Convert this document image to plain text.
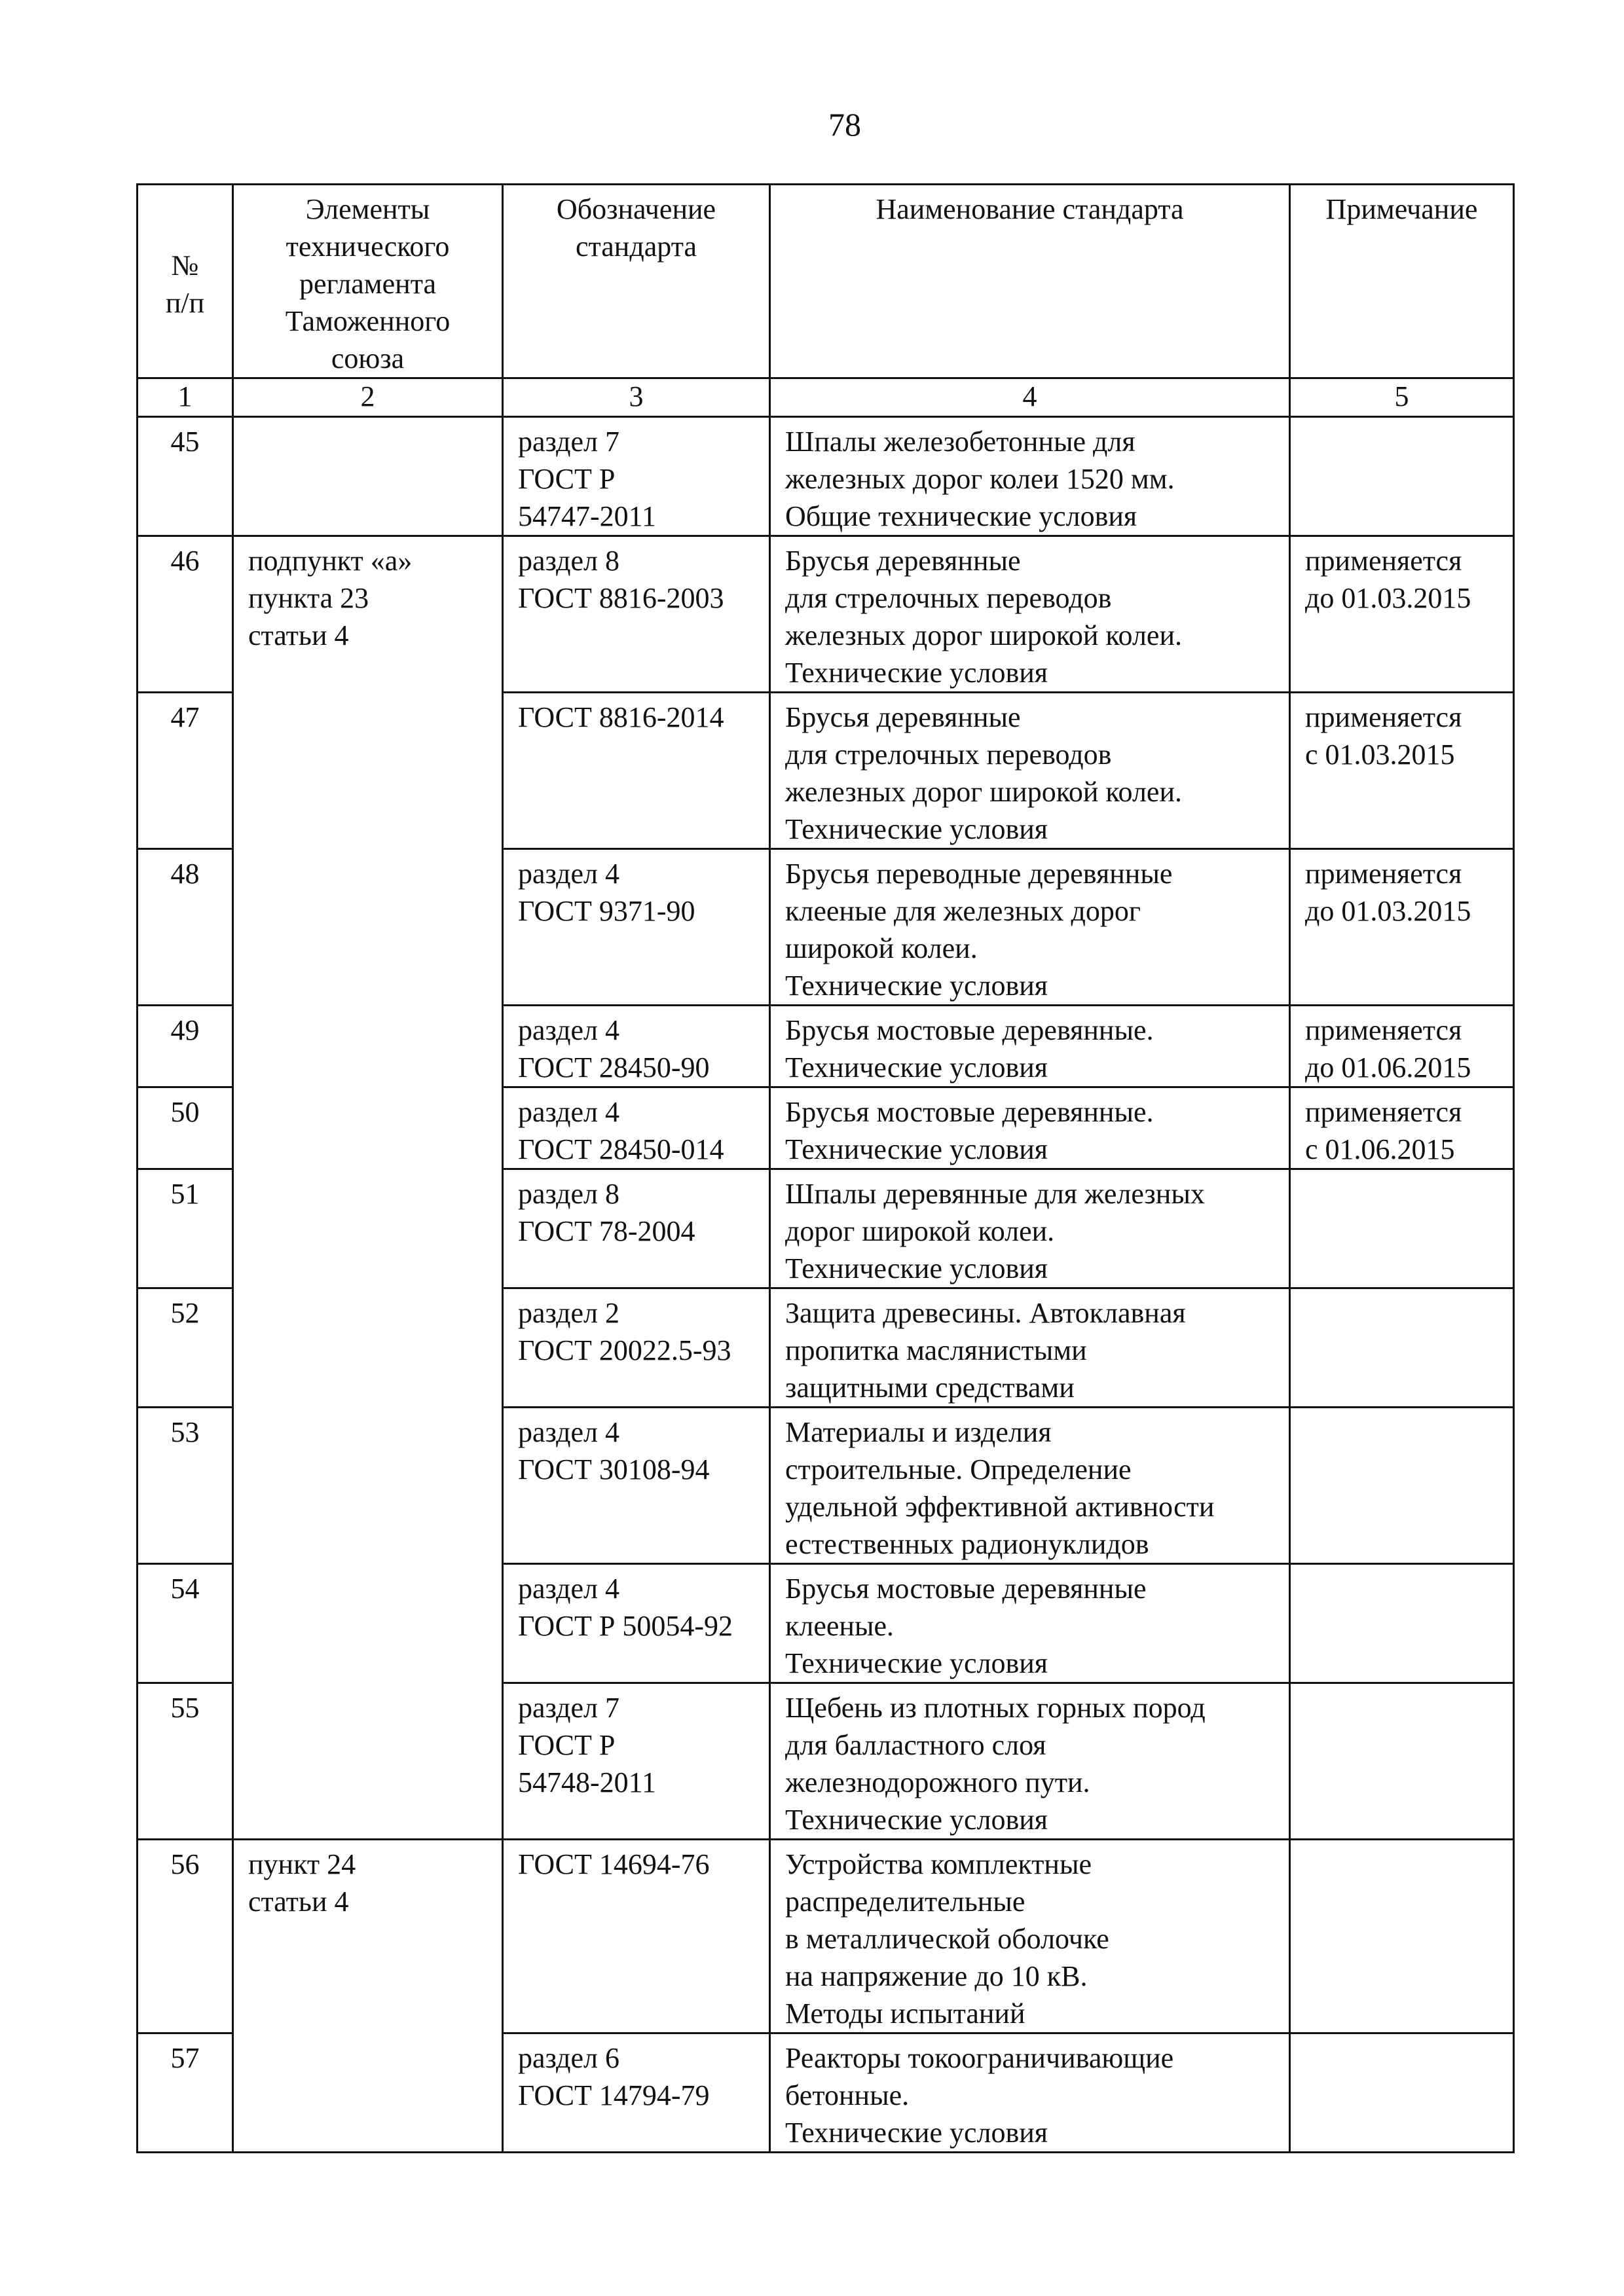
78
№
п/п	Элементы
технического
регламента
Таможенного
союза	Обозначение
стандарта	Наименование стандарта	Примечание
1	2	3	4	5
45		раздел 7
ГОСТ Р
54747-2011	Шпалы железобетонные для
железных дорог колеи 1520 мм.
Общие технические условия	
46	подпункт «а»
пункта 23
статьи 4	раздел 8
ГОСТ 8816-2003	Брусья деревянные
для стрелочных переводов
железных дорог широкой колеи.
Технические условия	применяется
до 01.03.2015
47		ГОСТ 8816-2014	Брусья деревянные
для стрелочных переводов
железных дорог широкой колеи.
Технические условия	применяется
с 01.03.2015
48		раздел 4
ГОСТ 9371-90	Брусья переводные деревянные
клееные для железных дорог
широкой колеи.
Технические условия	применяется
до 01.03.2015
49		раздел 4
ГОСТ 28450-90	Брусья мостовые деревянные.
Технические условия	применяется
до 01.06.2015
50		раздел 4
ГОСТ 28450-014	Брусья мостовые деревянные.
Технические условия	применяется
с 01.06.2015
51		раздел 8
ГОСТ 78-2004	Шпалы деревянные для железных
дорог широкой колеи.
Технические условия	
52		раздел 2
ГОСТ 20022.5-93	Защита древесины. Автоклавная
пропитка маслянистыми
защитными средствами	
53		раздел 4
ГОСТ 30108-94	Материалы и изделия
строительные. Определение
удельной эффективной активности
естественных радионуклидов	
54		раздел 4
ГОСТ Р 50054-92	Брусья мостовые деревянные
клееные.
Технические условия	
55		раздел 7
ГОСТ Р
54748-2011	Щебень из плотных горных пород
для балластного слоя
железнодорожного пути.
Технические условия	
56	пункт 24
статьи 4	ГОСТ 14694-76	Устройства комплектные
распределительные
в металлической оболочке
на напряжение до 10 кВ.
Методы испытаний	
57		раздел 6
ГОСТ 14794-79	Реакторы токоограничивающие
бетонные.
Технические условия	
